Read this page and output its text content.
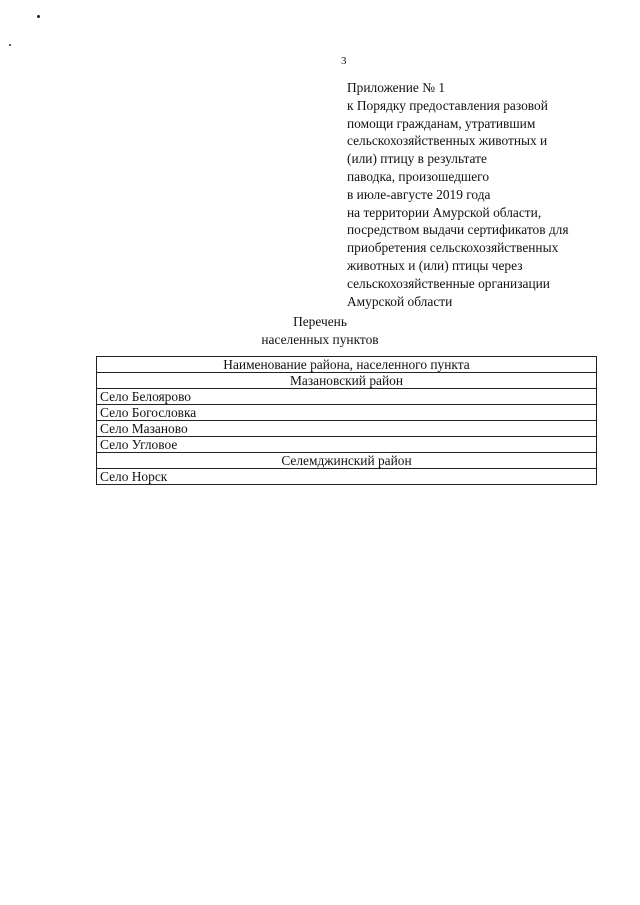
3
Приложение № 1
к Порядку предоставления разовой
помощи гражданам, утратившим
сельскохозяйственных животных и
(или) птицу в результате
паводка, произошедшего
в июле-августе 2019 года
на территории Амурской области,
посредством выдачи сертификатов для
приобретения сельскохозяйственных
животных и (или) птицы через
сельскохозяйственные организации
Амурской области
Перечень
населенных пунктов
Наименование района, населенного пункта
Мазановский район
Село Белоярово
Село Богословка
Село Мазаново
Село Угловое
Селемджинский район
Село Норск
